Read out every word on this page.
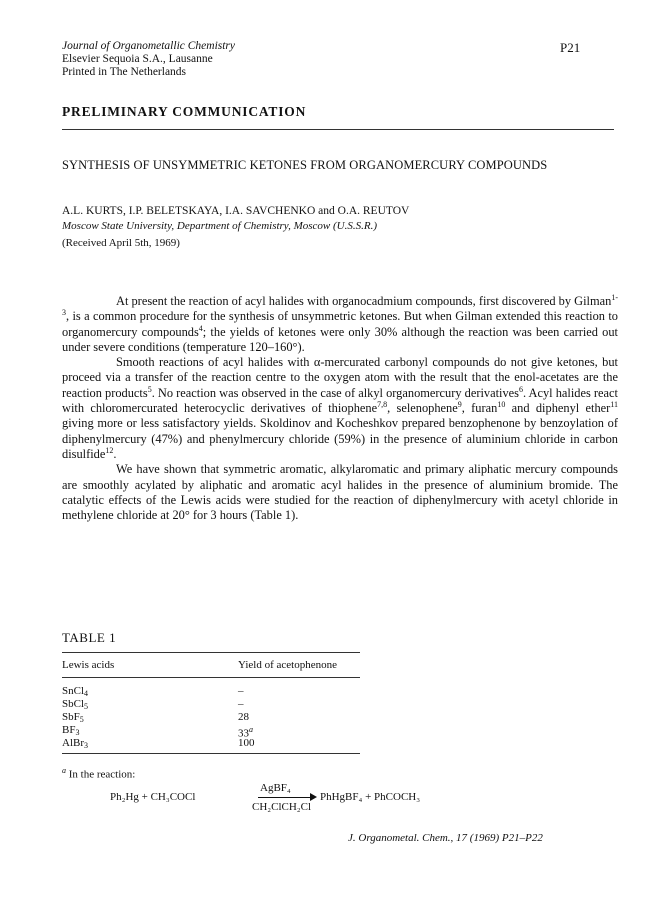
Journal of Organometallic Chemistry
Elsevier Sequoia S.A., Lausanne
Printed in The Netherlands
P21
PRELIMINARY COMMUNICATION
SYNTHESIS OF UNSYMMETRIC KETONES FROM ORGANOMERCURY COMPOUNDS
A.L. KURTS, I.P. BELETSKAYA, I.A. SAVCHENKO and O.A. REUTOV
Moscow State University, Department of Chemistry, Moscow (U.S.S.R.)
(Received April 5th, 1969)

At present the reaction of acyl halides with organocadmium compounds, first discovered by Gilman$^{1-3}$, is a common procedure for the synthesis of unsymmetric ketones. But when Gilman extended this reaction to organomercury compounds$^4$; the yields of ketones were only 30% although the reaction was been carried out under severe conditions (temperature 120–160°).

Smooth reactions of acyl halides with α-mercurated carbonyl compounds do not give ketones, but proceed via a transfer of the reaction centre to the oxygen atom with the result that the enol-acetates are the reaction products$^5$. No reaction was observed in the case of alkyl organomercury derivatives$^6$. Acyl halides react with chloromercurated heterocyclic derivatives of thiophene$^{7,8}$, selenophene$^9$, furan$^{10}$ and diphenyl ether$^{11}$ giving more or less satisfactory yields. Skoldinov and Kocheshkov prepared benzophenone by benzoylation of diphenylmercury (47%) and phenylmercury chloride (59%) in the presence of aluminium chloride in carbon disulfide$^{12}$.

We have shown that symmetric aromatic, alkylaromatic and primary aliphatic mercury compounds are smoothly acylated by aliphatic and aromatic acyl halides in the presence of aluminium bromide. The catalytic effects of the Lewis acids were studied for the reaction of diphenylmercury with acetyl chloride in methylene chloride at 20° for 3 hours (Table 1).

TABLE 1
Lewis acids	Yield of acetophenone
SnCl$_4$	–
SbCl$_5$	–
SbF$_5$	28
$BF_3$	33$^a$
AlBr$_3$	100
$^a$ In the reaction:
Ph₂Hg + CH₃COCl
AgBF₄
CH₂ClCH₂Cl
PhHgBF₄ + PhCOCH₃
J. Organometal. Chem., 17 (1969) P21–P22
